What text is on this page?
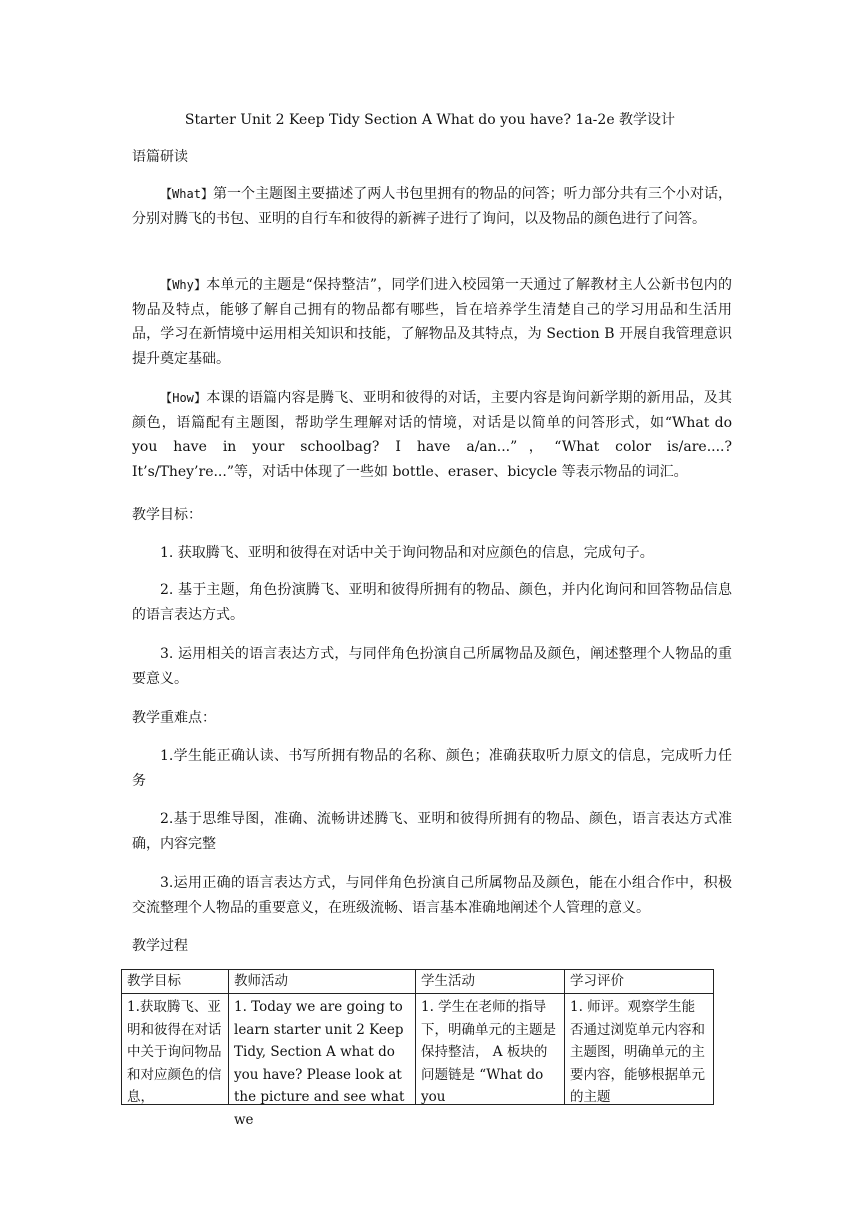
Starter Unit 2 Keep Tidy Section A What do you have? 1a-2e 教学设计
语篇研读
【What】第一个主题图主要描述了两人书包里拥有的物品的问答；听力部分共有三个小对话，分别对腾飞的书包、亚明的自行车和彼得的新裤子进行了询问，以及物品的颜色进行了问答。
【Why】本单元的主题是“保持整洁”，同学们进入校园第一天通过了解教材主人公新书包内的物品及特点，能够了解自己拥有的物品都有哪些，旨在培养学生清楚自己的学习用品和生活用品，学习在新情境中运用相关知识和技能，了解物品及其特点，为 Section B 开展自我管理意识提升奠定基础。
【How】本课的语篇内容是腾飞、亚明和彼得的对话，主要内容是询问新学期的新用品，及其颜色，语篇配有主题图，帮助学生理解对话的情境，对话是以简单的问答形式，如“What do you have in your schoolbag? I have a/an...”，“What color is/are....? It’s/They’re...”等，对话中体现了一些如 bottle、eraser、bicycle 等表示物品的词汇。
教学目标：
1. 获取腾飞、亚明和彼得在对话中关于询问物品和对应颜色的信息，完成句子。
2. 基于主题，角色扮演腾飞、亚明和彼得所拥有的物品、颜色，并内化询问和回答物品信息的语言表达方式。
3. 运用相关的语言表达方式，与同伴角色扮演自己所属物品及颜色，阐述整理个人物品的重要意义。
教学重难点：
1.学生能正确认读、书写所拥有物品的名称、颜色；准确获取听力原文的信息，完成听力任务
2.基于思维导图，准确、流畅讲述腾飞、亚明和彼得所拥有的物品、颜色，语言表达方式准确，内容完整
3.运用正确的语言表达方式，与同伴角色扮演自己所属物品及颜色，能在小组合作中，积极交流整理个人物品的重要意义，在班级流畅、语言基本准确地阐述个人管理的意义。
教学过程
教学目标	教师活动	学生活动	学习评价

1.获取腾飞、亚明和彼得在对话中关于询问物品和对应颜色的信息，	1. Today we are going to learn starter unit 2 Keep Tidy, Section A what do you have? Please look at the picture and see what we	1. 学生在老师的指导下，明确单元的主题是保持整洁， A 板块的问题链是 “What do you	1. 师评。观察学生能否通过浏览单元内容和主题图，明确单元的主要内容，能够根据单元的主题
